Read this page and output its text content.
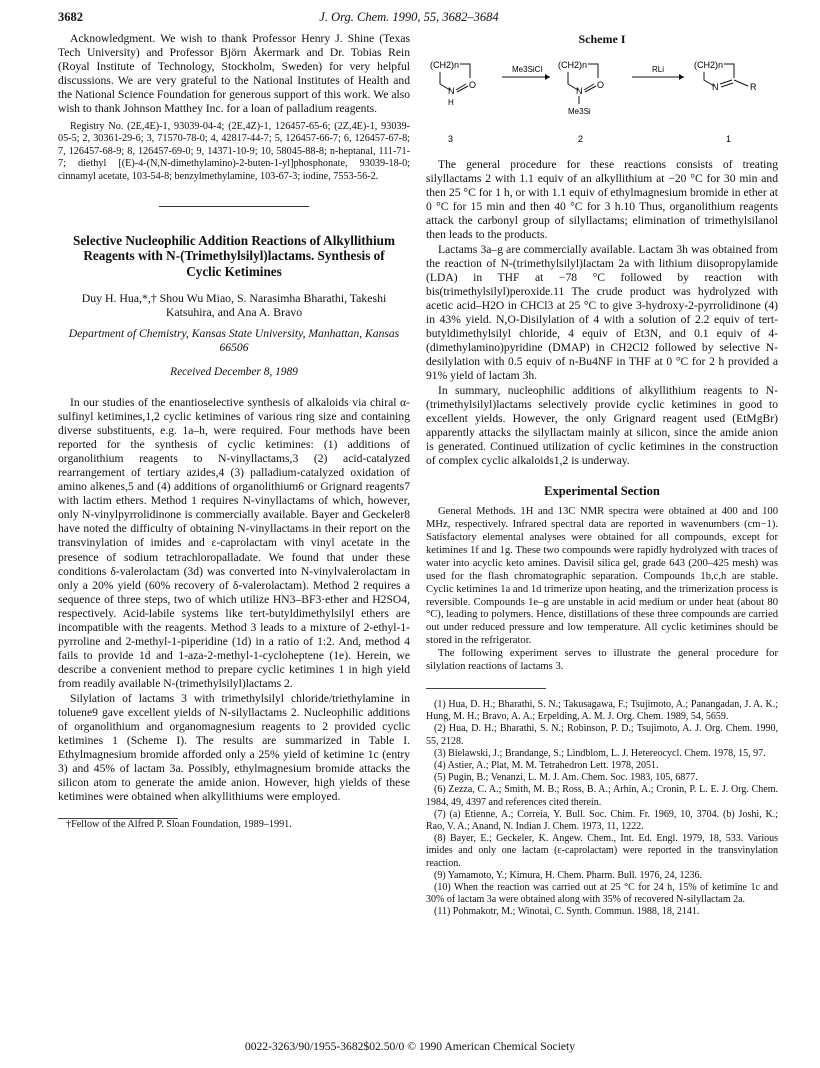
3682	J. Org. Chem. 1990, 55, 3682–3684

Acknowledgment. We wish to thank Professor Henry J. Shine (Texas Tech University) and Professor Björn Åkermark and Dr. Tobias Rein (Royal Institute of Technology, Stockholm, Sweden) for very helpful discussions. We are very grateful to the National Institutes of Health and the National Science Foundation for generous support of this work. We also wish to thank Johnson Matthey Inc. for a loan of palladium reagents.

Registry No. (2E,4E)-1, 93039-04-4; (2E,4Z)-1, 126457-65-6; (2Z,4E)-1, 93039-05-5; 2, 30361-29-6; 3, 71570-78-0; 4, 42817-44-7; 5, 126457-66-7; 6, 126457-67-8; 7, 126457-68-9; 8, 126457-69-0; 9, 14371-10-9; 10, 58045-88-8; n-heptanal, 111-71-7; diethyl [(E)-4-(N,N-dimethylamino)-2-buten-1-yl]phosphonate, 93039-18-0; cinnamyl acetate, 103-54-8; benzylmethylamine, 103-67-3; iodine, 7553-56-2.

Selective Nucleophilic Addition Reactions of Alkyllithium Reagents with N-(Trimethylsilyl)lactams. Synthesis of Cyclic Ketimines
Duy H. Hua,*,† Shou Wu Miao, S. Narasimha Bharathi, Takeshi Katsuhira, and Ana A. Bravo
Department of Chemistry, Kansas State University, Manhattan, Kansas 66506
Received December 8, 1989

In our studies of the enantioselective synthesis of alkaloids via chiral α-sulfinyl ketimines,1,2 cyclic ketimines of various ring size and containing diverse substituents, e.g. 1a–h, were required. Four methods have been reported for the synthesis of cyclic ketimines: (1) additions of organolithium reagents to N-vinyllactams,3 (2) acid-catalyzed rearrangement of tertiary azides,4 (3) palladium-catalyzed oxidation of amino alkenes,5 and (4) additions of organolithium6 or Grignard reagents7 with lactim ethers. Method 1 requires N-vinyllactams of which, however, only N-vinylpyrrolidinone is commercially available. Bayer and Geckeler8 have noted the difficulty of obtaining N-vinyllactams in their report on the transvinylation of imides and ε-caprolactam with vinyl acetate in the presence of sodium tetrachloropalladate. We found that under these conditions δ-valerolactam (3d) was converted into N-vinylvalerolactam in only a 20% yield (60% recovery of δ-valerolactam). Method 2 requires a sequence of three steps, two of which utilize HN3–BF3·ether and H2SO4, respectively. Acid-labile systems like tert-butyldimethylsilyl ethers are incompatible with the reagents. Method 3 leads to a mixture of 2-ethyl-1-pyrroline and 2-methyl-1-piperidine (1d) in a ratio of 1:2. And, method 4 fails to provide 1d and 1-aza-2-methyl-1-cycloheptene (1e). Herein, we describe a convenient method to prepare cyclic ketimines 1 in high yield from readily available N-(trimethylsilyl)lactams 2.

Silylation of lactams 3 with trimethylsilyl chloride/triethylamine in toluene9 gave excellent yields of N-silyllactams 2. Nucleophilic additions of organolithium and organomagnesium reagents to 2 provided cyclic ketimines 1 (Scheme I). The results are summarized in Table I. Ethylmagnesium bromide afforded only a 25% yield of ketimine 1c (entry 3) and 45% of lactam 3a. Possibly, ethylmagnesium bromide attacks the silicon atom to generate the amide anion. However, high yields of these ketimines were obtained when alkyllithiums were employed.

†Fellow of the Alfred P. Sloan Foundation, 1989–1991.

Scheme I
(CH2)n
N
O
H
3
Me3SiCl (CH2)n
N
O
Me3Si
2
RLi	(CH2)n
N	R
1

The general procedure for these reactions consists of treating silyllactams 2 with 1.1 equiv of an alkyllithium at −20 °C for 30 min and then 25 °C for 1 h, or with 1.1 equiv of ethylmagnesium bromide in ether at 0 °C for 15 min and then 40 °C for 3 h.10 Thus, organolithium reagents attack the carbonyl group of silyllactams; elimination of trimethylsilanol then leads to the products.

Lactams 3a–g are commercially available. Lactam 3h was obtained from the reaction of N-(trimethylsilyl)lactam 2a with lithium diisopropylamide (LDA) in THF at −78 °C followed by reaction with bis(trimethylsilyl)peroxide.11 The crude product was hydrolyzed with acetic acid–H2O in CHCl3 at 25 °C to give 3-hydroxy-2-pyrrolidinone (4) in 43% yield. N,O-Disilylation of 4 with a solution of 2.2 equiv of tert-butyldimethylsilyl chloride, 4 equiv of Et3N, and 0.1 equiv of 4-(dimethylamino)pyridine (DMAP) in CH2Cl2 followed by selective N-desilylation with 0.5 equiv of n-Bu4NF in THF at 0 °C for 2 h provided a 91% yield of lactam 3h.

In summary, nucleophilic additions of alkyllithium reagents to N-(trimethylsilyl)lactams selectively provide cyclic ketimines in good to excellent yields. However, the only Grignard reagent used (EtMgBr) apparently attacks the silyllactam mainly at silicon, since the amide anion is generated. Continued utilization of cyclic ketimines in the construction of complex cyclic alkaloids1,2 is underway.

Experimental Section

General Methods. 1H and 13C NMR spectra were obtained at 400 and 100 MHz, respectively. Infrared spectral data are reported in wavenumbers (cm−1). Satisfactory elemental analyses were obtained for all compounds, except for ketimines 1f and 1g. These two compounds were rapidly hydrolyzed with traces of water into acyclic keto amines. Davisil silica gel, grade 643 (200–425 mesh) was used for the flash chromatographic separation. Compounds 1b,c,h are stable. Cyclic ketimines 1a and 1d trimerize upon heating, and the trimerization process is reversible. Compounds 1e–g are unstable in acid medium or under heat (about 80 °C), leading to polymers. Hence, distillations of these three compounds are carried out under reduced pressure and low temperature. All cyclic ketimines should be stored in the refrigerator.

The following experiment serves to illustrate the general procedure for silylation reactions of lactams 3.

(1) Hua, D. H.; Bharathi, S. N.; Takusagawa, F.; Tsujimoto, A.; Panangadan, J. A. K.; Hung, M. H.; Bravo, A. A.; Erpelding, A. M. J. Org. Chem. 1989, 54, 5659.

(2) Hua, D. H.; Bharathi, S. N.; Robinson, P. D.; Tsujimoto, A. J. Org. Chem. 1990, 55, 2128.

(3) Bielawski, J.; Brandange, S.; Lindblom, L. J. Hetereocycl. Chem. 1978, 15, 97.

(4) Astier, A.; Plat, M. M. Tetrahedron Lett. 1978, 2051.

(5) Pugin, B.; Venanzi, L. M. J. Am. Chem. Soc. 1983, 105, 6877.

(6) Zezza, C. A.; Smith, M. B.; Ross, B. A.; Arhin, A.; Cronin, P. L. E. J. Org. Chem. 1984, 49, 4397 and references cited therein.

(7) (a) Etienne, A.; Correia, Y. Bull. Soc. Chim. Fr. 1969, 10, 3704. (b) Joshi, K.; Rao, V. A.; Anand, N. Indian J. Chem. 1973, 11, 1222.

(8) Bayer, E.; Geckeler, K. Angew. Chem., Int. Ed. Engl. 1979, 18, 533. Various imides and only one lactam (ε-caprolactam) were reported in the transvinylation reaction.

(9) Yamamoto, Y.; Kimura, H. Chem. Pharm. Bull. 1976, 24, 1236.

(10) When the reaction was carried out at 25 °C for 24 h, 15% of ketimine 1c and 30% of lactam 3a were obtained along with 35% of recovered N-silyllactam 2a.

(11) Pohmakotr, M.; Winotai, C. Synth. Commun. 1988, 18, 2141.

0022-3263/90/1955-3682$02.50/0 © 1990 American Chemical Society
